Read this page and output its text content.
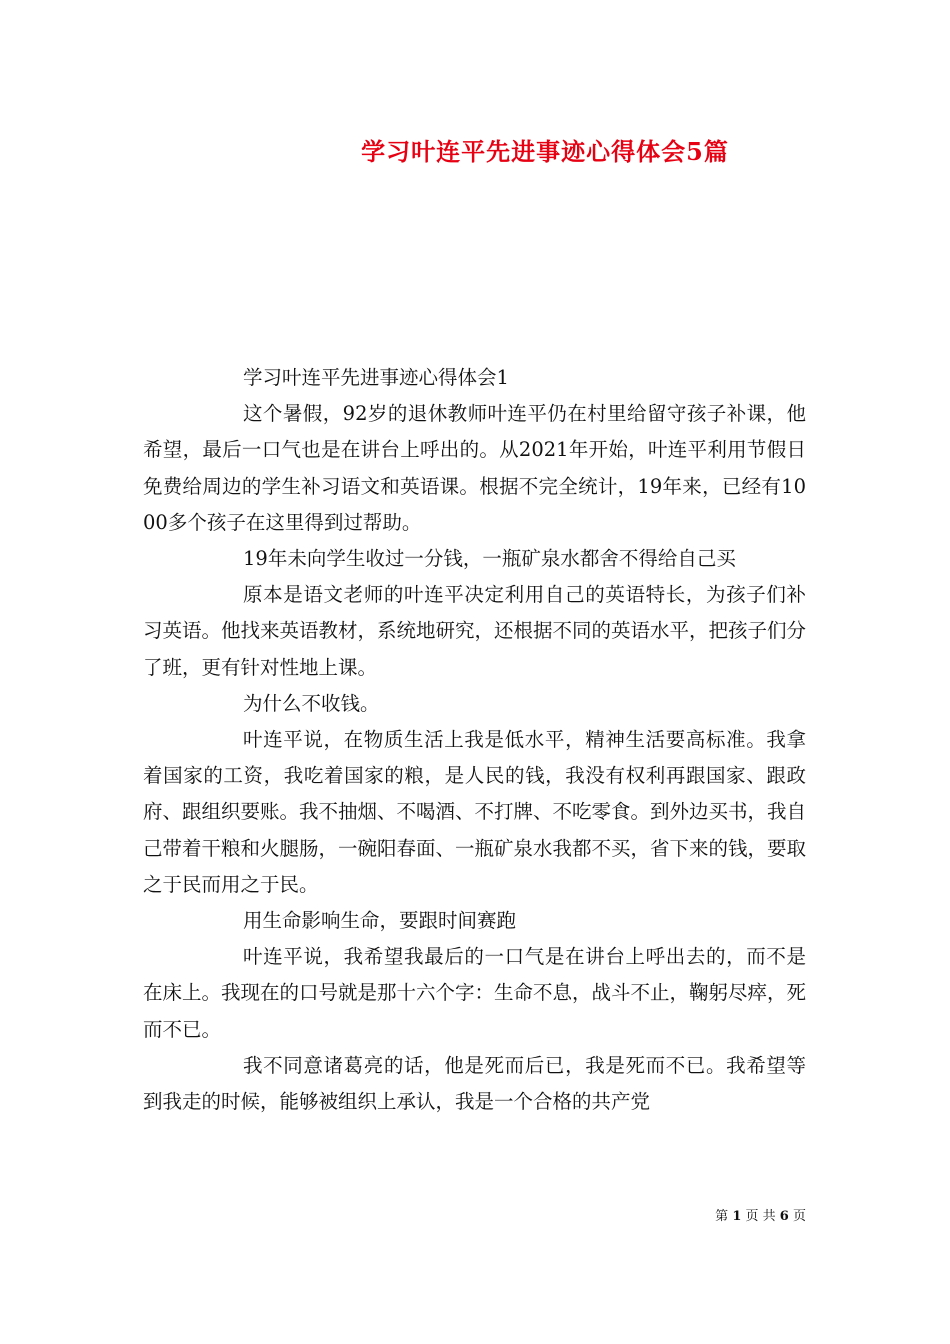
学习叶连平先进事迹心得体会5篇

学习叶连平先进事迹心得体会1

这个暑假，92岁的退休教师叶连平仍在村里给留守孩子补课，他希望，最后一口气也是在讲台上呼出的。从2021年开始，叶连平利用节假日免费给周边的学生补习语文和英语课。根据不完全统计，19年来，已经有1000多个孩子在这里得到过帮助。

19年未向学生收过一分钱，一瓶矿泉水都舍不得给自己买

原本是语文老师的叶连平决定利用自己的英语特长，为孩子们补习英语。他找来英语教材，系统地研究，还根据不同的英语水平，把孩子们分了班，更有针对性地上课。

为什么不收钱。

叶连平说，在物质生活上我是低水平，精神生活要高标准。我拿着国家的工资，我吃着国家的粮，是人民的钱，我没有权利再跟国家、跟政府、跟组织要账。我不抽烟、不喝酒、不打牌、不吃零食。到外边买书，我自己带着干粮和火腿肠，一碗阳春面、一瓶矿泉水我都不买，省下来的钱，要取之于民而用之于民。

用生命影响生命，要跟时间赛跑

叶连平说，我希望我最后的一口气是在讲台上呼出去的，而不是在床上。我现在的口号就是那十六个字：生命不息，战斗不止，鞠躬尽瘁，死而不已。

我不同意诸葛亮的话，他是死而后已，我是死而不已。我希望等到我走的时候，能够被组织上承认，我是一个合格的共产党

第 1 页 共 6 页
